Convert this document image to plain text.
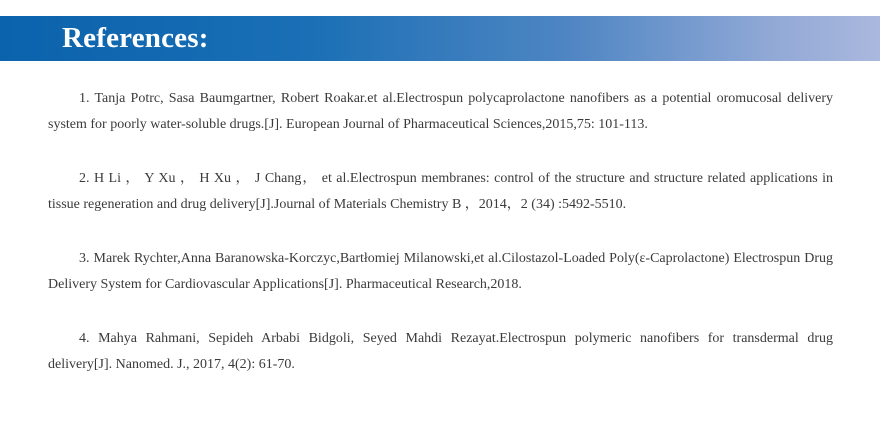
References:
1. Tanja Potrc, Sasa Baumgartner, Robert Roakar.et al.Electrospun polycaprolactone nanofibers as a potential oromucosal delivery system for poorly water-soluble drugs.[J]. European Journal of Pharmaceutical Sciences,2015,75: 101-113.
2. H Li ， Y Xu ， H Xu ， J Chang， et al.Electrospun membranes: control of the structure and structure related applications in tissue regeneration and drug delivery[J].Journal of Materials Chemistry B ，2014，2 (34) :5492-5510.
3. Marek Rychter,Anna Baranowska-Korczyc,Bartłomiej Milanowski,et al.Cilostazol-Loaded Poly(ε-Caprolactone) Electrospun Drug Delivery System for Cardiovascular Applications[J]. Pharmaceutical Research,2018.
4. Mahya Rahmani, Sepideh Arbabi Bidgoli, Seyed Mahdi Rezayat.Electrospun polymeric nanofibers for transdermal drug delivery[J]. Nanomed. J., 2017, 4(2): 61-70.
